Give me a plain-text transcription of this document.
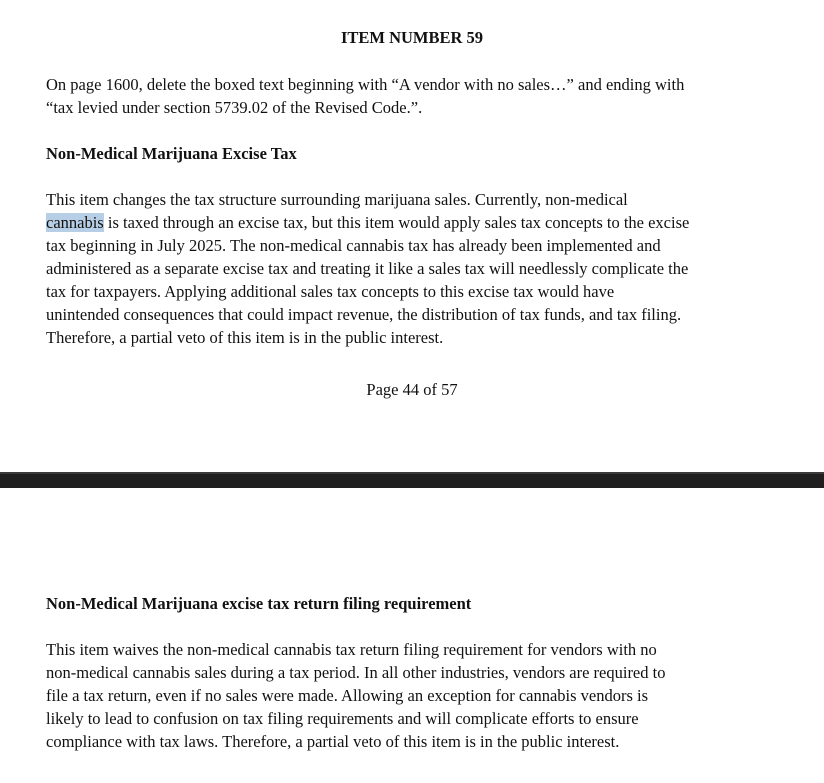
ITEM NUMBER 59

On page 1600, delete the boxed text beginning with “A vendor with no sales…” and ending with
“tax levied under section 5739.02 of the Revised Code.”.

Non-Medical Marijuana Excise Tax

This item changes the tax structure surrounding marijuana sales. Currently, non-medical
cannabis is taxed through an excise tax, but this item would apply sales tax concepts to the excise
tax beginning in July 2025. The non-medical cannabis tax has already been implemented and
administered as a separate excise tax and treating it like a sales tax will needlessly complicate the
tax for taxpayers. Applying additional sales tax concepts to this excise tax would have
unintended consequences that could impact revenue, the distribution of tax funds, and tax filing.
Therefore, a partial veto of this item is in the public interest.

Page 44 of 57

Non-Medical Marijuana excise tax return filing requirement

This item waives the non-medical cannabis tax return filing requirement for vendors with no
non-medical cannabis sales during a tax period. In all other industries, vendors are required to
file a tax return, even if no sales were made. Allowing an exception for cannabis vendors is
likely to lead to confusion on tax filing requirements and will complicate efforts to ensure
compliance with tax laws. Therefore, a partial veto of this item is in the public interest.
